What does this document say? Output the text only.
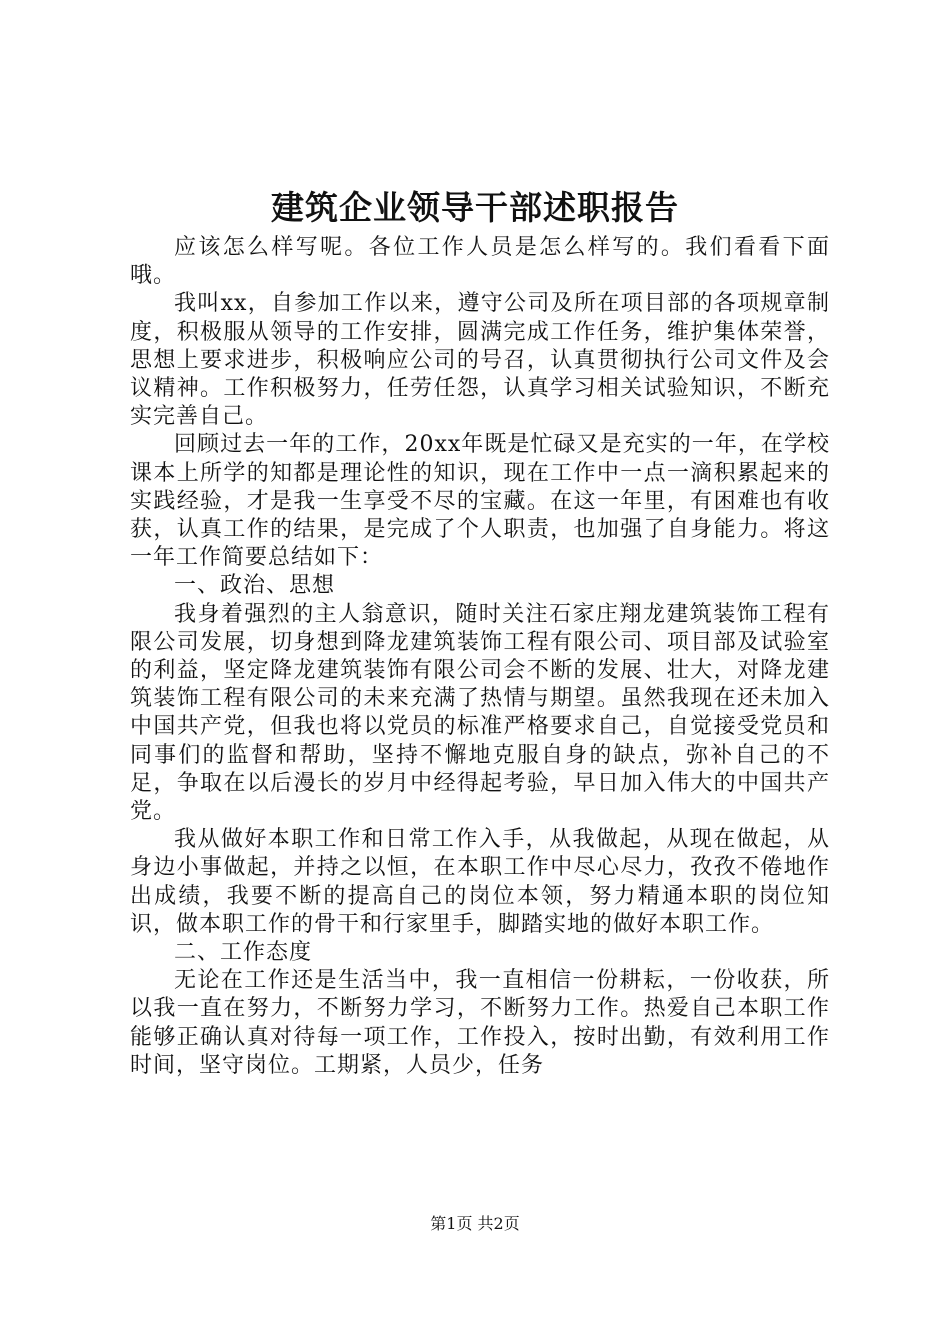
建筑企业领导干部述职报告

应该怎么样写呢。各位工作人员是怎么样写的。我们看看下面哦。

我叫xx，自参加工作以来，遵守公司及所在项目部的各项规章制度，积极服从领导的工作安排，圆满完成工作任务，维护集体荣誉，思想上要求进步，积极响应公司的号召，认真贯彻执行公司文件及会议精神。工作积极努力，任劳任怨，认真学习相关试验知识，不断充实完善自己。

回顾过去一年的工作，20xx年既是忙碌又是充实的一年，在学校课本上所学的知都是理论性的知识，现在工作中一点一滴积累起来的实践经验，才是我一生享受不尽的宝藏。在这一年里，有困难也有收获，认真工作的结果，是完成了个人职责，也加强了自身能力。将这一年工作简要总结如下：

一、政治、思想

我身着强烈的主人翁意识，随时关注石家庄翔龙建筑装饰工程有限公司发展，切身想到降龙建筑装饰工程有限公司、项目部及试验室的利益，坚定降龙建筑装饰有限公司会不断的发展、壮大，对降龙建筑装饰工程有限公司的未来充满了热情与期望。虽然我现在还未加入中国共产党，但我也将以党员的标准严格要求自己，自觉接受党员和同事们的监督和帮助，坚持不懈地克服自身的缺点，弥补自己的不足，争取在以后漫长的岁月中经得起考验，早日加入伟大的中国共产党。

我从做好本职工作和日常工作入手，从我做起，从现在做起，从身边小事做起，并持之以恒，在本职工作中尽心尽力，孜孜不倦地作出成绩，我要不断的提高自己的岗位本领，努力精通本职的岗位知识，做本职工作的骨干和行家里手，脚踏实地的做好本职工作。

二、工作态度

无论在工作还是生活当中，我一直相信一份耕耘，一份收获，所以我一直在努力，不断努力学习，不断努力工作。热爱自己本职工作能够正确认真对待每一项工作，工作投入，按时出勤，有效利用工作时间，坚守岗位。工期紧，人员少，任务

第1页 共2页
